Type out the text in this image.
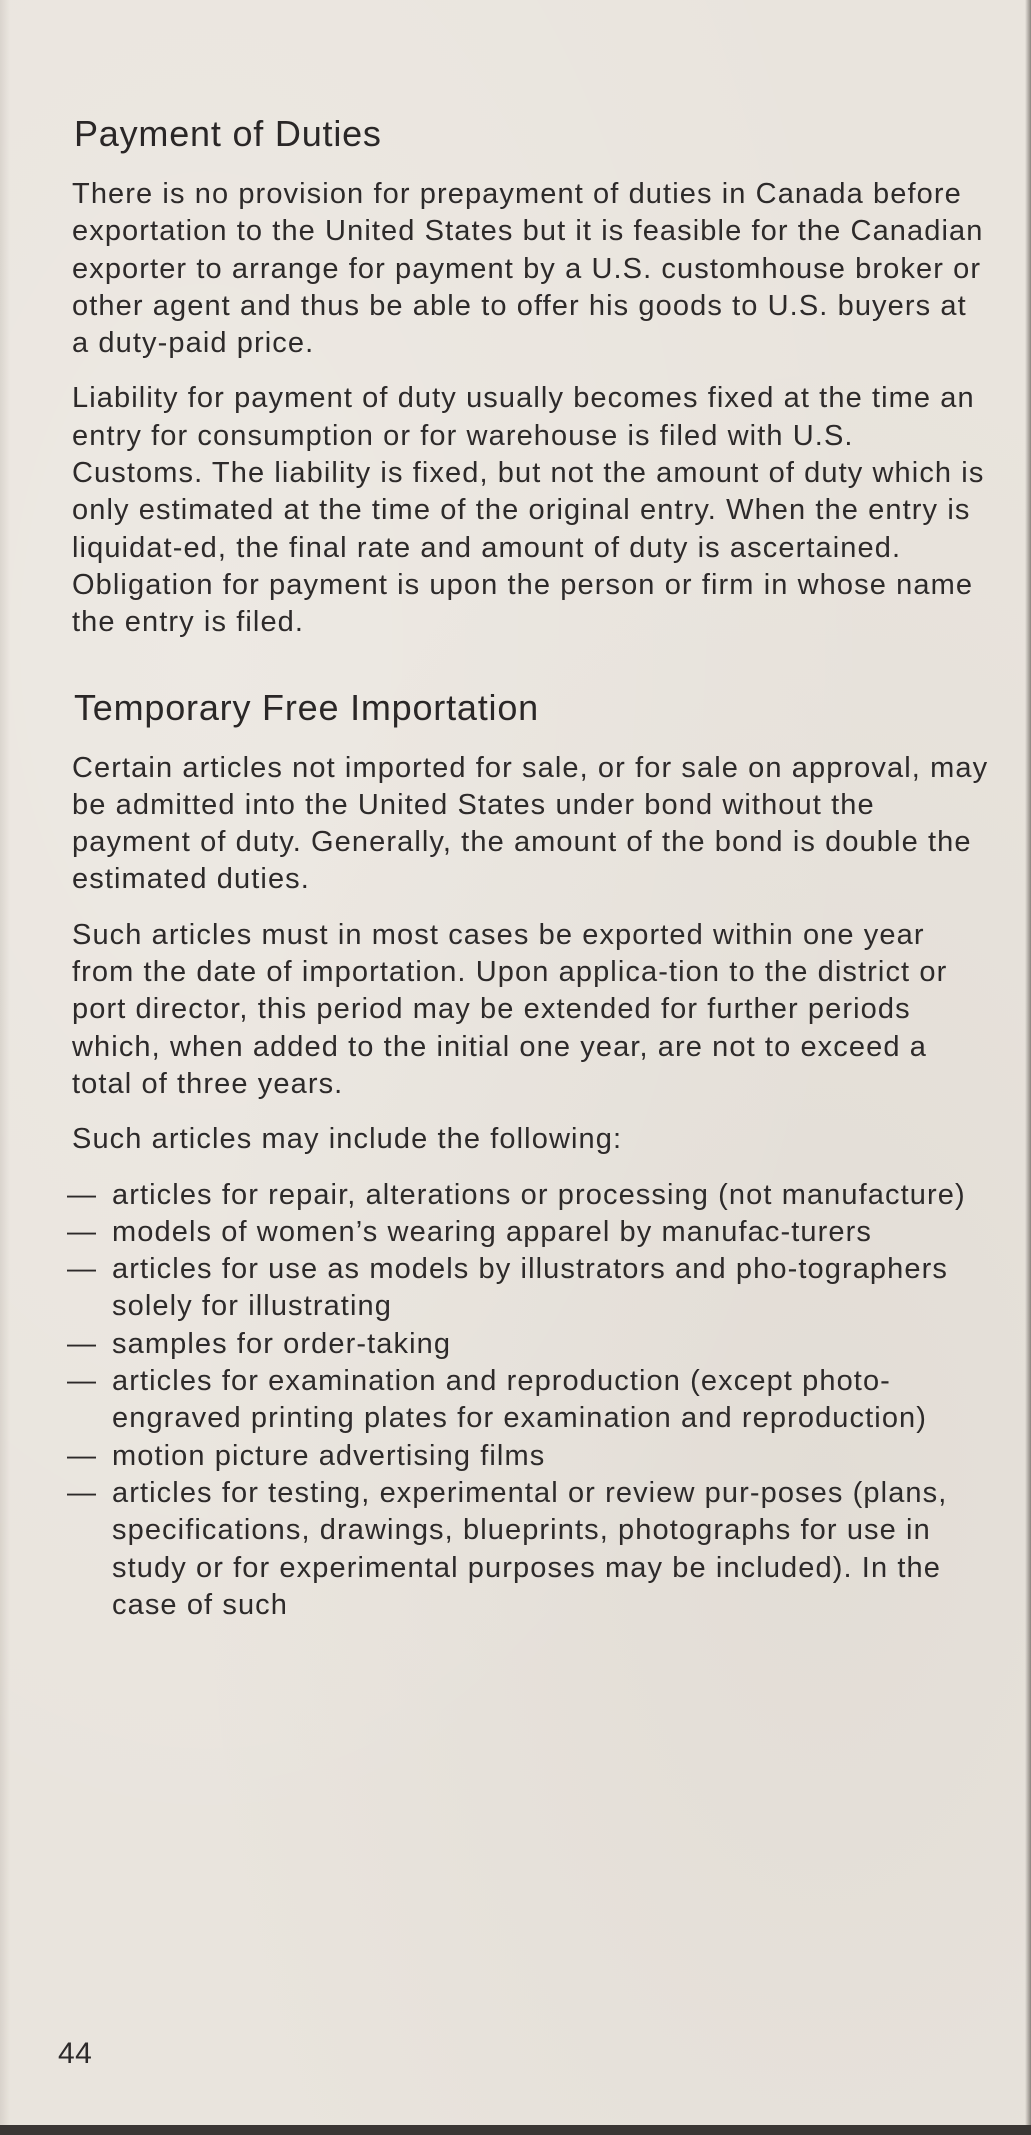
Payment of Duties

There is no provision for prepayment of duties in Canada before exportation to the United States but it is feasible for the Canadian exporter to arrange for payment by a U.S. customhouse broker or other agent and thus be able to offer his goods to U.S. buyers at a duty-paid price.

Liability for payment of duty usually becomes fixed at the time an entry for consumption or for warehouse is filed with U.S. Customs. The liability is fixed, but not the amount of duty which is only estimated at the time of the original entry. When the entry is liquidat-ed, the final rate and amount of duty is ascertained. Obligation for payment is upon the person or firm in whose name the entry is filed.

Temporary Free Importation

Certain articles not imported for sale, or for sale on approval, may be admitted into the United States under bond without the payment of duty. Generally, the amount of the bond is double the estimated duties.

Such articles must in most cases be exported within one year from the date of importation. Upon applica-tion to the district or port director, this period may be extended for further periods which, when added to the initial one year, are not to exceed a total of three years.

Such articles may include the following:

— articles for repair, alterations or processing (not manufacture)
— models of women’s wearing apparel by manufac-turers
— articles for use as models by illustrators and pho-tographers solely for illustrating
— samples for order-taking
— articles for examination and reproduction (except photo-engraved printing plates for examination and reproduction)
— motion picture advertising films
— articles for testing, experimental or review pur-poses (plans, specifications, drawings, blueprints, photographs for use in study or for experimental purposes may be included). In the case of such
44
